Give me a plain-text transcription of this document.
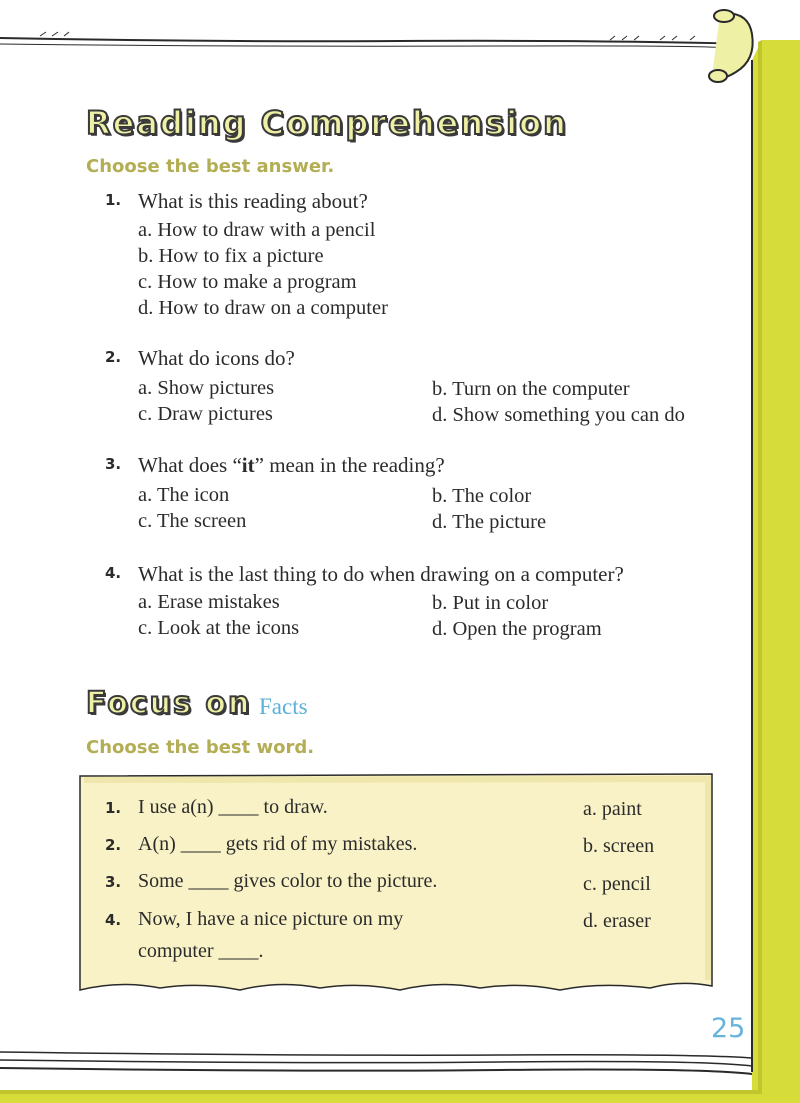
Reading Comprehension
Choose the best answer.
1. What is this reading about?
a. How to draw with a pencil
b. How to fix a picture
c. How to make a program
d. How to draw on a computer
2. What do icons do?
a. Show pictures	b. Turn on the computer
c. Draw pictures	d. Show something you can do
3. What does “it” mean in the reading?
a. The icon	b. The color
c. The screen	d. The picture
4. What is the last thing to do when drawing on a computer?
a. Erase mistakes	b. Put in color
c. Look at the icons	d. Open the program
Focus on Facts
Choose the best word.
1. I use a(n) ____ to draw.
2. A(n) ____ gets rid of my mistakes.
3. Some ____ gives color to the picture.
4. Now, I have a nice picture on my
computer ____.
a. paint
b. screen
c. pencil
d. eraser
25
